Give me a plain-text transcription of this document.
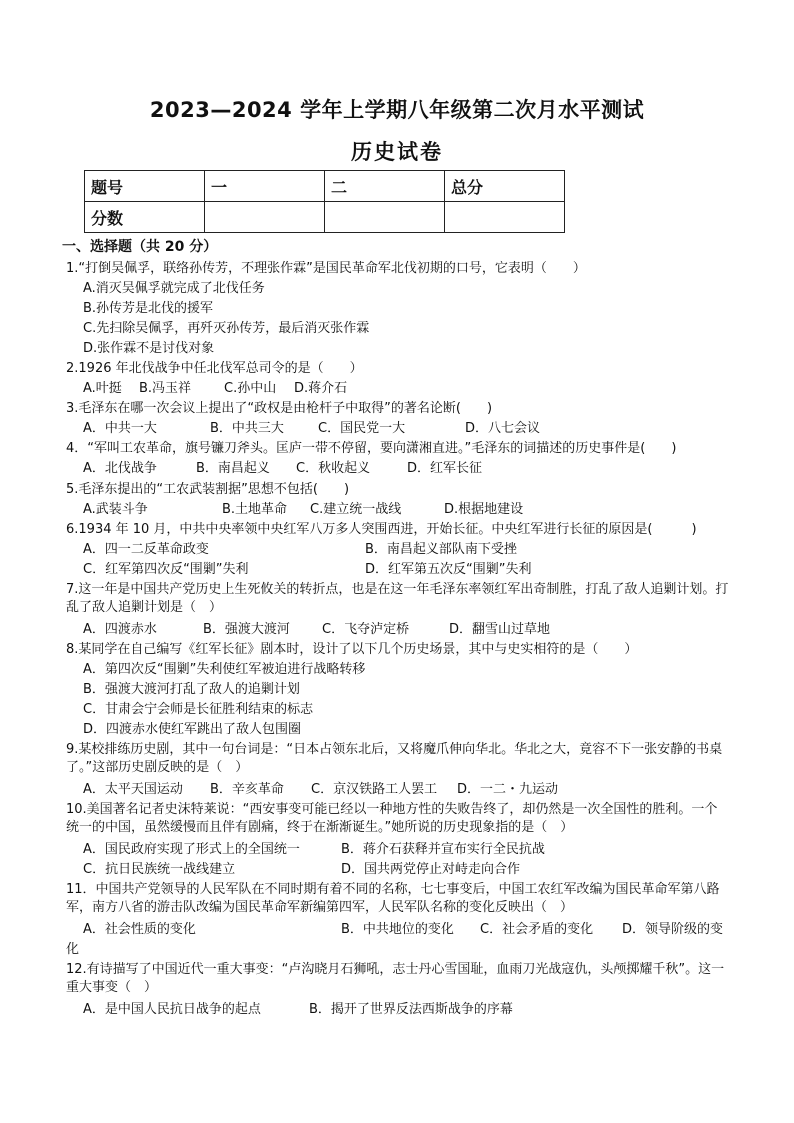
2023—2024 学年上学期八年级第二次月水平测试
历史试卷
题号	一	二	总分
分数			
一、选择题（共 20 分）
1.“打倒吴佩孚，联络孙传芳，不理张作霖”是国民革命军北伐初期的口号，它表明（　　）
A.消灭吴佩孚就完成了北伐任务
B.孙传芳是北伐的援军
C.先扫除吴佩孚，再歼灭孙传芳，最后消灭张作霖
D.张作霖不是讨伐对象
2.1926 年北伐战争中任北伐军总司令的是（　　）
A.叶挺 B.冯玉祥	C.孙中山 D.蒋介石
3.毛泽东在哪一次会议上提出了“政权是由枪杆子中取得”的著名论断(　　)
A．中共一大	B．中共三大	C．国民党一大	D．八七会议
4．“军叫工农革命，旗号镰刀斧头。匡庐一带不停留，要向潇湘直进。”毛泽东的词描述的历史事件是(　　)
A．北伐战争	B．南昌起义 C．秋收起义	D．红军长征
5.毛泽东提出的“工农武装割据”思想不包括(　　)
A.武装斗争	B.土地革命 C.建立统一战线	D.根据地建设
6.1934 年 10 月，中共中央率领中央红军八万多人突围西进，开始长征。中央红军进行长征的原因是(　　　)
A．四一二反革命政变	B．南昌起义部队南下受挫
C．红军第四次反“围剿”失利	D．红军第五次反“围剿”失利
7.这一年是中国共产党历史上生死攸关的转折点，也是在这一年毛泽东率领红军出奇制胜，打乱了敌人追剿计划。打乱了敌人追剿计划是（　）
A．四渡赤水	B．强渡大渡河 C．飞夺泸定桥	D．翻雪山过草地
8.某同学在自己编写《红军长征》剧本时，设计了以下几个历史场景，其中与史实相符的是（　　）
A．第四次反“围剿”失利使红军被迫进行战略转移
B．强渡大渡河打乱了敌人的追剿计划
C．甘肃会宁会师是长征胜利结束的标志
D．四渡赤水使红军跳出了敌人包围圈
9.某校排练历史剧，其中一句台词是：“日本占领东北后，又将魔爪伸向华北。华北之大，竟容不下一张安静的书桌了。”这部历史剧反映的是（　）
A．太平天国运动 B．辛亥革命 C．京汉铁路工人罢工 D．一二・九运动
10.美国著名记者史沫特莱说：“西安事变可能已经以一种地方性的失败告终了，却仍然是一次全国性的胜利。一个统一的中国，虽然缓慢而且伴有剧痛，终于在渐渐诞生。”她所说的历史现象指的是（　）
A．国民政府实现了形式上的全国统一	B．蒋介石获释并宣布实行全民抗战
C．抗日民族统一战线建立	D．国共两党停止对峙走向合作
11．中国共产党领导的人民军队在不同时期有着不同的名称，七七事变后，中国工农红军改编为国民革命军第八路军，南方八省的游击队改编为国民革命军新编第四军，人民军队名称的变化反映出（　）
A．社会性质的变化	B．中共地位的变化 C．社会矛盾的变化 D．领导阶级的变
化
12.有诗描写了中国近代一重大事变：“卢沟晓月石狮吼，志士丹心雪国耻，血雨刀光战寇仇，头颅掷耀千秋”。这一重大事变（　）
A．是中国人民抗日战争的起点	B．揭开了世界反法西斯战争的序幕
